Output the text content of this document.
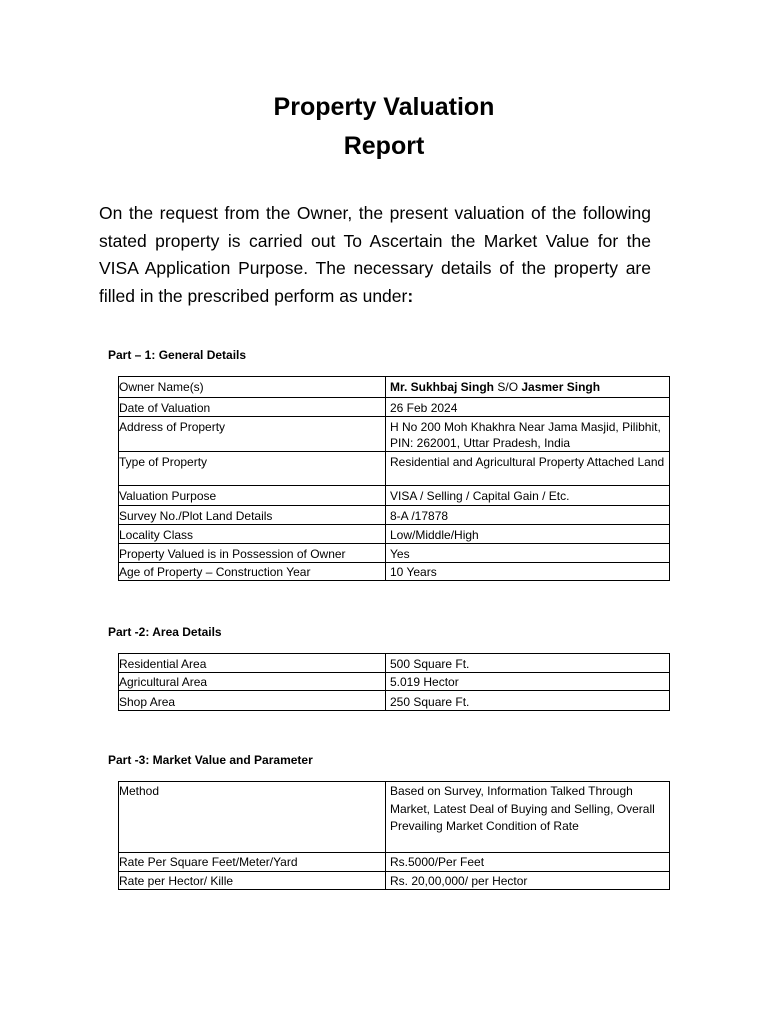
Property Valuation
Report
On the request from the Owner, the present valuation of the following stated property is carried out To Ascertain the Market Value for the VISA Application Purpose. The necessary details of the property are filled in the prescribed perform as under:
Part – 1: General Details
Owner Name(s)	Mr. Sukhbaj Singh S/O Jasmer Singh
Date of Valuation	26 Feb 2024
Address of Property	H No 200 Moh Khakhra Near Jama Masjid, Pilibhit, PIN: 262001, Uttar Pradesh, India
Type of Property	Residential and Agricultural Property Attached Land
Valuation Purpose	VISA / Selling / Capital Gain / Etc.
Survey No./Plot Land Details	8-A /17878
Locality Class	Low/Middle/High
Property Valued is in Possession of Owner	Yes
Age of Property – Construction Year	10 Years
Part -2: Area Details
Residential Area	500 Square Ft.
Agricultural Area	5.019 Hector
Shop Area	250 Square Ft.
Part -3: Market Value and Parameter
Method	Based on Survey, Information Talked Through Market, Latest Deal of Buying and Selling, Overall Prevailing Market Condition of Rate
Rate Per Square Feet/Meter/Yard	Rs.5000/Per Feet
Rate per Hector/ Kille	Rs. 20,00,000/ per Hector
